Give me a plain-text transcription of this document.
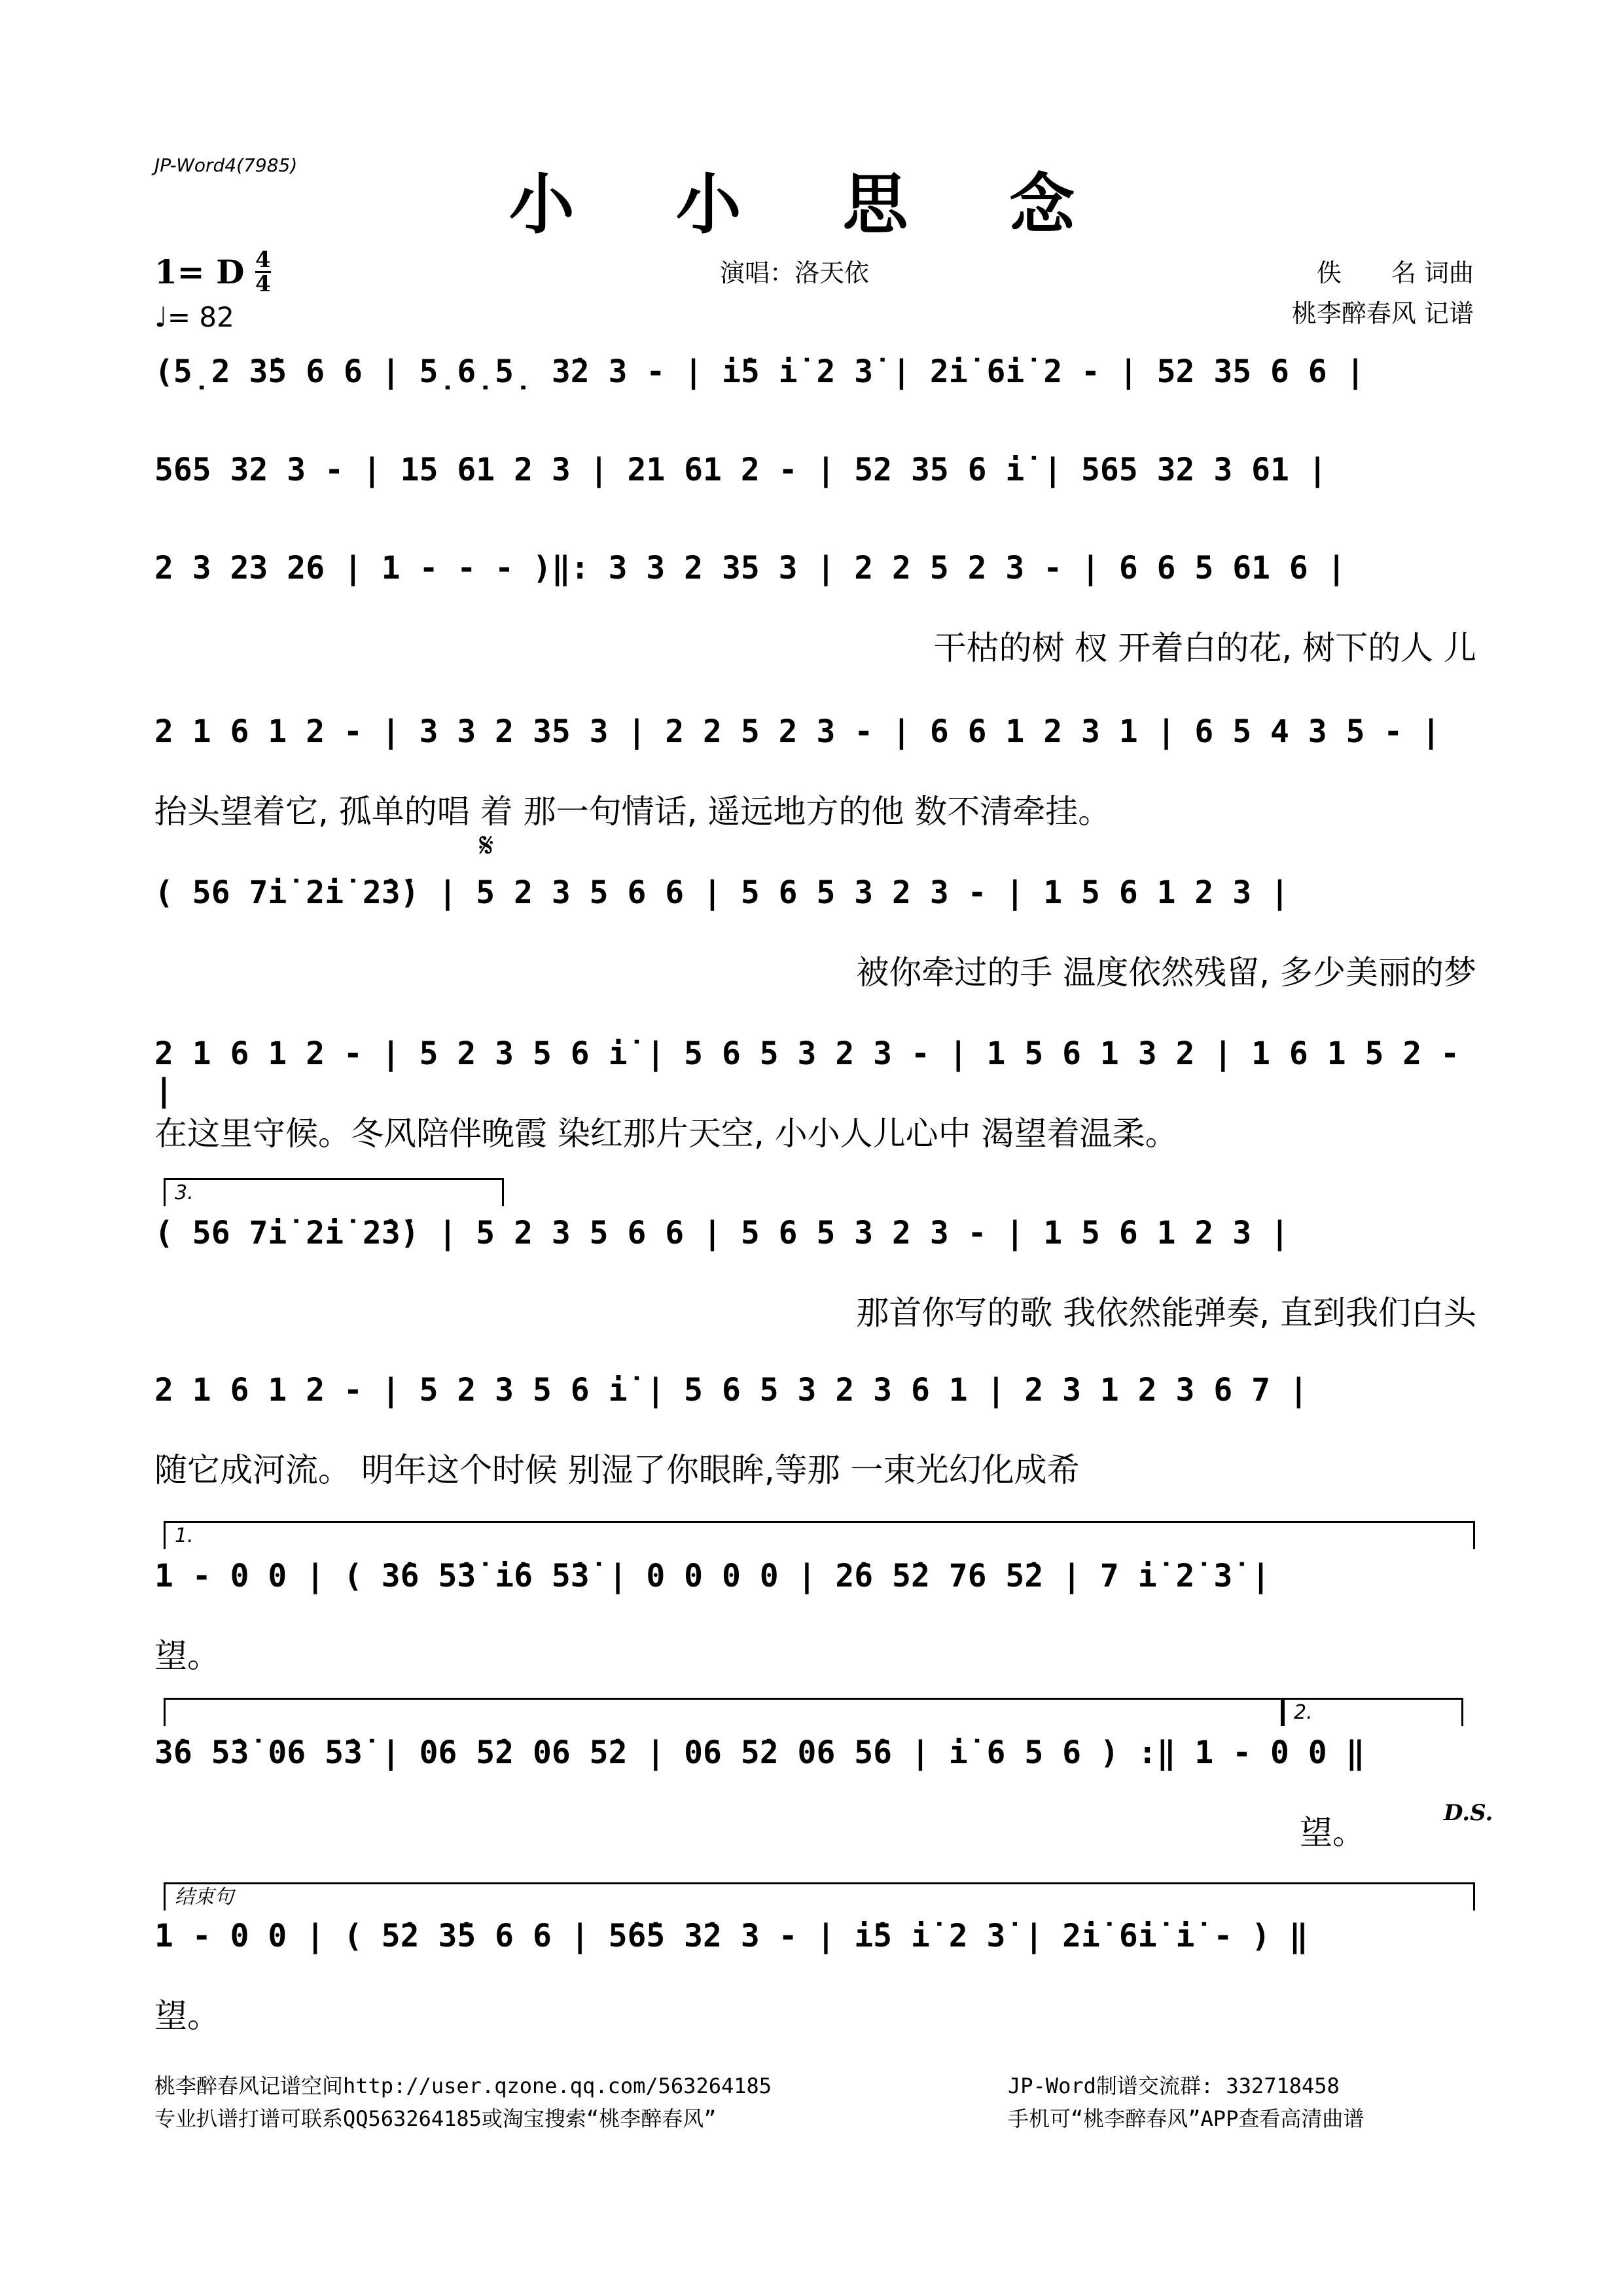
JP-Word4(7985)
小 小 思 念
1= D 4
4
♩= 82
演唱：洛天依	佚　　名 词曲
桃李醉春风 记谱
(5̣2 3̇5 6 6 | 5̣6̣5̣ 3̇2 3 - | i̇5 i̇ 2 3̇ | 2̇i̇ 6i̇ 2 - | 52 35 6 6 |
565 32 3 - | 15 61 2 3 | 21 61 2 - | 52 35 6 i̇ | 565 32 3 61 |
2 3 23 26 | 1 - - - )‖: 3 3 2 35 3 | 2 2 5 2 3 - | 6 6 5 61 6 |
干枯的树 杈 开着白的花, 树下的人 儿
2 1 6 1 2 - | 3 3 2 35 3 | 2 2 5 2 3 - | 6 6 1 2 3 1 | 6 5 4 3 5 - |
抬头望着它, 孤单的唱 着 那一句情话, 遥远地方的他 数不清牵挂。
𝄋
( 56 7i̇ 2̇i̇ 2̇3̇) | 5 2 3 5 6 6 | 5 6 5 3 2 3 - | 1 5 6 1 2 3 |
被你牵过的手 温度依然残留, 多少美丽的梦
2 1 6 1 2 - | 5 2 3 5 6 i̇ | 5 6 5 3 2 3 - | 1 5 6 1 3 2 | 1 6 1 5 2 - |
在这里守候。冬风陪伴晚霞 染红那片天空, 小小人儿心中 渴望着温柔。
3.
( 56 7i̇ 2̇i̇ 2̇3̇) | 5 2 3 5 6 6 | 5 6 5 3 2 3 - | 1 5 6 1 2 3 |
那首你写的歌 我依然能弹奏, 直到我们白头
2 1 6 1 2 - | 5 2 3 5 6 i̇ | 5 6 5 3 2 3 6 1 | 2 3 1 2 3 6 7 |
随它成河流。 明年这个时候 别湿了你眼眸,等那 一束光幻化成希
1.
1 - 0 0 | ( 3̇6 5̇3̇ i̇6 5̇3̇ | 0 0 0 0 | 2̇6 5̇2 76 5̇2 | 7 i̇ 2̇ 3̇ |
望。
2.
3̇6 5̇3̇ 06 5̇3̇ | 06 5̇2 06 5̇2 | 06 5̇2 06 5̇6 | i̇ 6 5 6 ) :‖ 1 - 0 0 ‖
望。
D.S.
结束句
1 - 0 0 | ( 5̇2 3̇5 6 6 | 5̇6̇5 3̇2 3 - | i̇5 i̇ 2 3̇ | 2̇i̇ 6i̇ i̇ - ) ‖
望。
桃李醉春风记谱空间http://user.qzone.qq.com/563264185
专业扒谱打谱可联系QQ563264185或淘宝搜索“桃李醉春风”
JP-Word制谱交流群: 332718458
手机可“桃李醉春风”APP查看高清曲谱
